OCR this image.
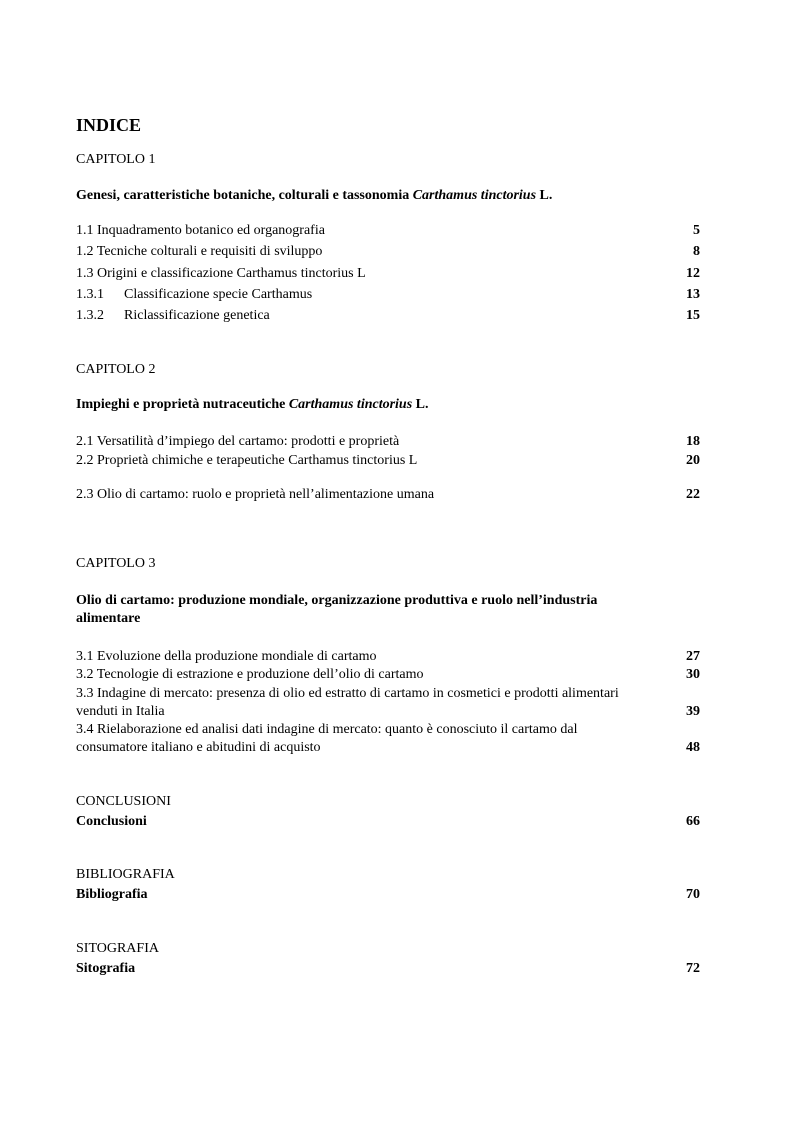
INDICE
CAPITOLO 1
Genesi, caratteristiche botaniche, colturali e tassonomia Carthamus tinctorius L.
1.1 Inquadramento botanico ed organografia	5
1.2 Tecniche colturali e requisiti di sviluppo	8
1.3 Origini e classificazione Carthamus tinctorius L	12
1.3.1 Classificazione specie Carthamus	13
1.3.2 Riclassificazione genetica	15
CAPITOLO 2
Impieghi e proprietà nutraceutiche Carthamus tinctorius L.
2.1 Versatilità d’impiego del cartamo: prodotti e proprietà	18
2.2 Proprietà chimiche e terapeutiche Carthamus tinctorius L	20
2.3 Olio di cartamo: ruolo e proprietà nell’alimentazione umana	22
CAPITOLO 3
Olio di cartamo: produzione mondiale, organizzazione produttiva e ruolo nell’industria
alimentare
3.1 Evoluzione della produzione mondiale di cartamo	27
3.2 Tecnologie di estrazione e produzione dell’olio di cartamo	30
3.3 Indagine di mercato: presenza di olio ed estratto di cartamo in cosmetici e prodotti alimentari
venduti in Italia	39
3.4 Rielaborazione ed analisi dati indagine di mercato: quanto è conosciuto il cartamo dal
consumatore italiano e abitudini di acquisto	48
CONCLUSIONI
Conclusioni	66
BIBLIOGRAFIA
Bibliografia	70
SITOGRAFIA
Sitografia	72
